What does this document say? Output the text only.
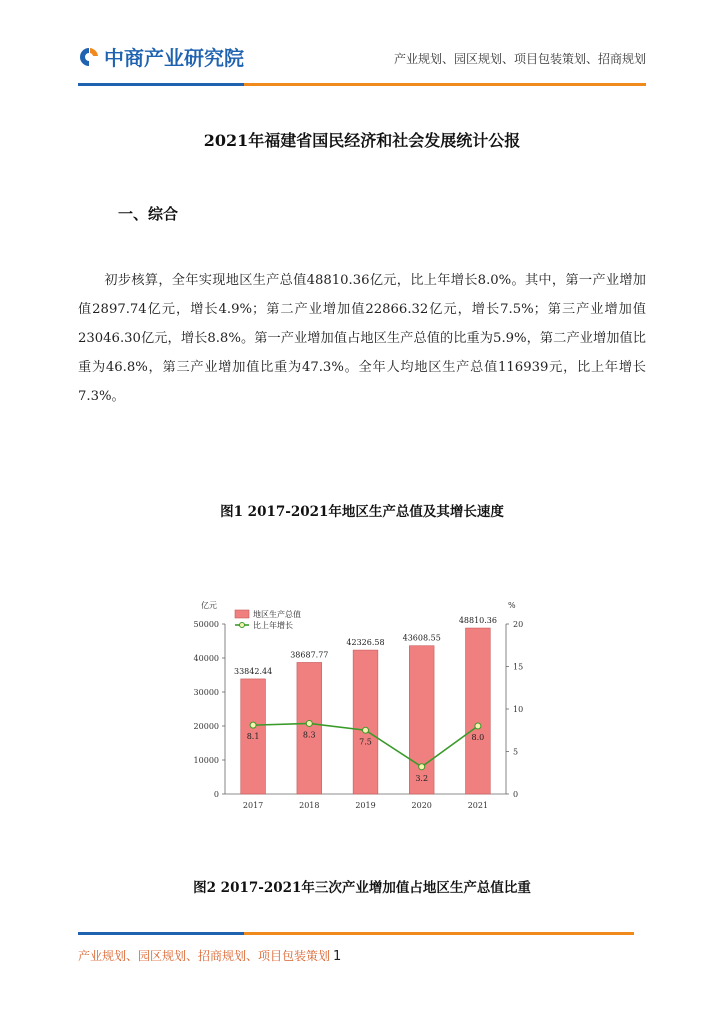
中商产业研究院	产业规划、园区规划、项目包装策划、招商规划
2021年福建省国民经济和社会发展统计公报
一、综合
初步核算，全年实现地区生产总值48810.36亿元，比上年增长8.0%。其中，第一产业增加值2897.74亿元，增长4.9%；第二产业增加值22866.32亿元，增长7.5%；第三产业增加值23046.30亿元，增长8.8%。第一产业增加值占地区生产总值的比重为5.9%，第二产业增加值比重为46.8%，第三产业增加值比重为47.3%。全年人均地区生产总值116939元，比上年增长7.3%。
图1 2017-2021年地区生产总值及其增长速度
0
10000
20000
30000
40000
50000
0
5
10
15
20
亿元	%
33842.44
38687.77
42326.58 43608.55
48810.36
2017	2018	2019	2020	2021
8.1	8.3
7.5
3.2
8.0
地区生产总值
比上年增长
图2 2017-2021年三次产业增加值占地区生产总值比重
产业规划、园区规划、招商规划、项目包装策划 1
